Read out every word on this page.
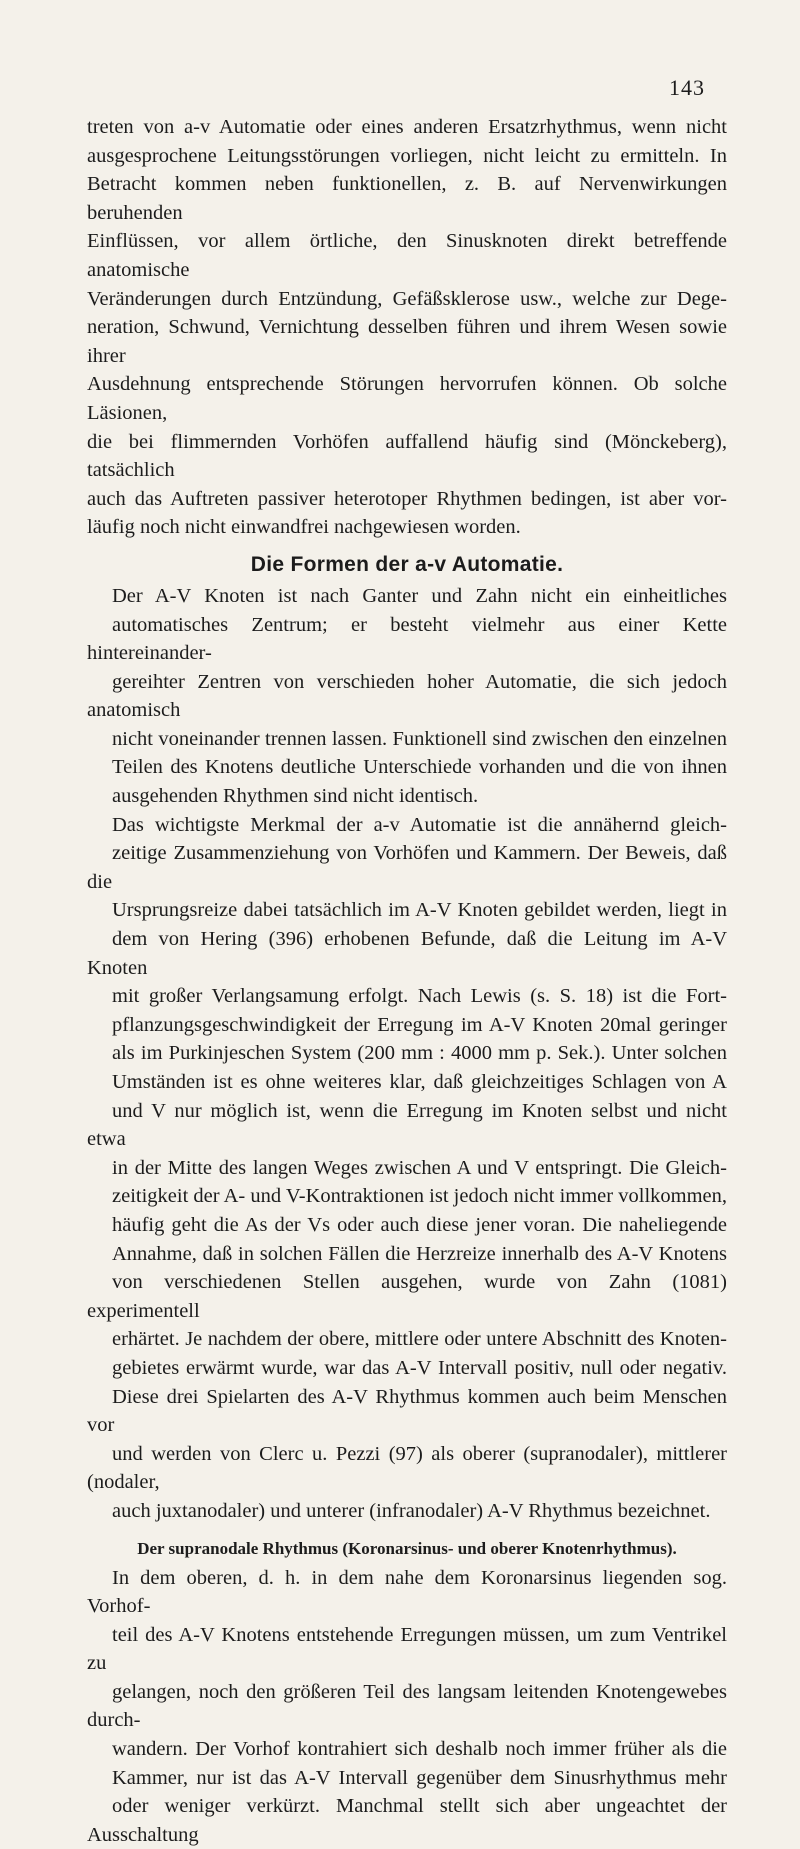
143

treten von a-v Automatie oder eines anderen Ersatzrhythmus, wenn nicht
ausgesprochene Leitungsstörungen vorliegen, nicht leicht zu ermitteln. In
Betracht kommen neben funktionellen, z. B. auf Nervenwirkungen beruhenden
Einflüssen, vor allem örtliche, den Sinusknoten direkt betreffende anatomische
Veränderungen durch Entzündung, Gefäßsklerose usw., welche zur Dege-
neration, Schwund, Vernichtung desselben führen und ihrem Wesen sowie ihrer
Ausdehnung entsprechende Störungen hervorrufen können. Ob solche Läsionen,
die bei flimmernden Vorhöfen auffallend häufig sind (Mönckeberg), tatsächlich
auch das Auftreten passiver heterotoper Rhythmen bedingen, ist aber vor-
läufig noch nicht einwandfrei nachgewiesen worden.

Die Formen der a-v Automatie.

Der A-V Knoten ist nach Ganter und Zahn nicht ein einheitliches
automatisches Zentrum; er besteht vielmehr aus einer Kette hintereinander-
gereihter Zentren von verschieden hoher Automatie, die sich jedoch anatomisch
nicht voneinander trennen lassen. Funktionell sind zwischen den einzelnen
Teilen des Knotens deutliche Unterschiede vorhanden und die von ihnen
ausgehenden Rhythmen sind nicht identisch.

Das wichtigste Merkmal der a-v Automatie ist die annähernd gleich-
zeitige Zusammenziehung von Vorhöfen und Kammern. Der Beweis, daß die
Ursprungsreize dabei tatsächlich im A-V Knoten gebildet werden, liegt in
dem von Hering (396) erhobenen Befunde, daß die Leitung im A-V Knoten
mit großer Verlangsamung erfolgt. Nach Lewis (s. S. 18) ist die Fort-
pflanzungsgeschwindigkeit der Erregung im A-V Knoten 20mal geringer
als im Purkinjeschen System (200 mm : 4000 mm p. Sek.). Unter solchen
Umständen ist es ohne weiteres klar, daß gleichzeitiges Schlagen von A
und V nur möglich ist, wenn die Erregung im Knoten selbst und nicht etwa
in der Mitte des langen Weges zwischen A und V entspringt. Die Gleich-
zeitigkeit der A- und V-Kontraktionen ist jedoch nicht immer vollkommen,
häufig geht die As der Vs oder auch diese jener voran. Die naheliegende
Annahme, daß in solchen Fällen die Herzreize innerhalb des A-V Knotens
von verschiedenen Stellen ausgehen, wurde von Zahn (1081) experimentell
erhärtet. Je nachdem der obere, mittlere oder untere Abschnitt des Knoten-
gebietes erwärmt wurde, war das A-V Intervall positiv, null oder negativ.
Diese drei Spielarten des A-V Rhythmus kommen auch beim Menschen vor
und werden von Clerc u. Pezzi (97) als oberer (supranodaler), mittlerer (nodaler,
auch juxtanodaler) und unterer (infranodaler) A-V Rhythmus bezeichnet.

Der supranodale Rhythmus (Koronarsinus- und oberer Knotenrhythmus).

In dem oberen, d. h. in dem nahe dem Koronarsinus liegenden sog. Vorhof-
teil des A-V Knotens entstehende Erregungen müssen, um zum Ventrikel zu
gelangen, noch den größeren Teil des langsam leitenden Knotengewebes durch-
wandern. Der Vorhof kontrahiert sich deshalb noch immer früher als die
Kammer, nur ist das A-V Intervall gegenüber dem Sinusrhythmus mehr
oder weniger verkürzt. Manchmal stellt sich aber ungeachtet der Ausschaltung
